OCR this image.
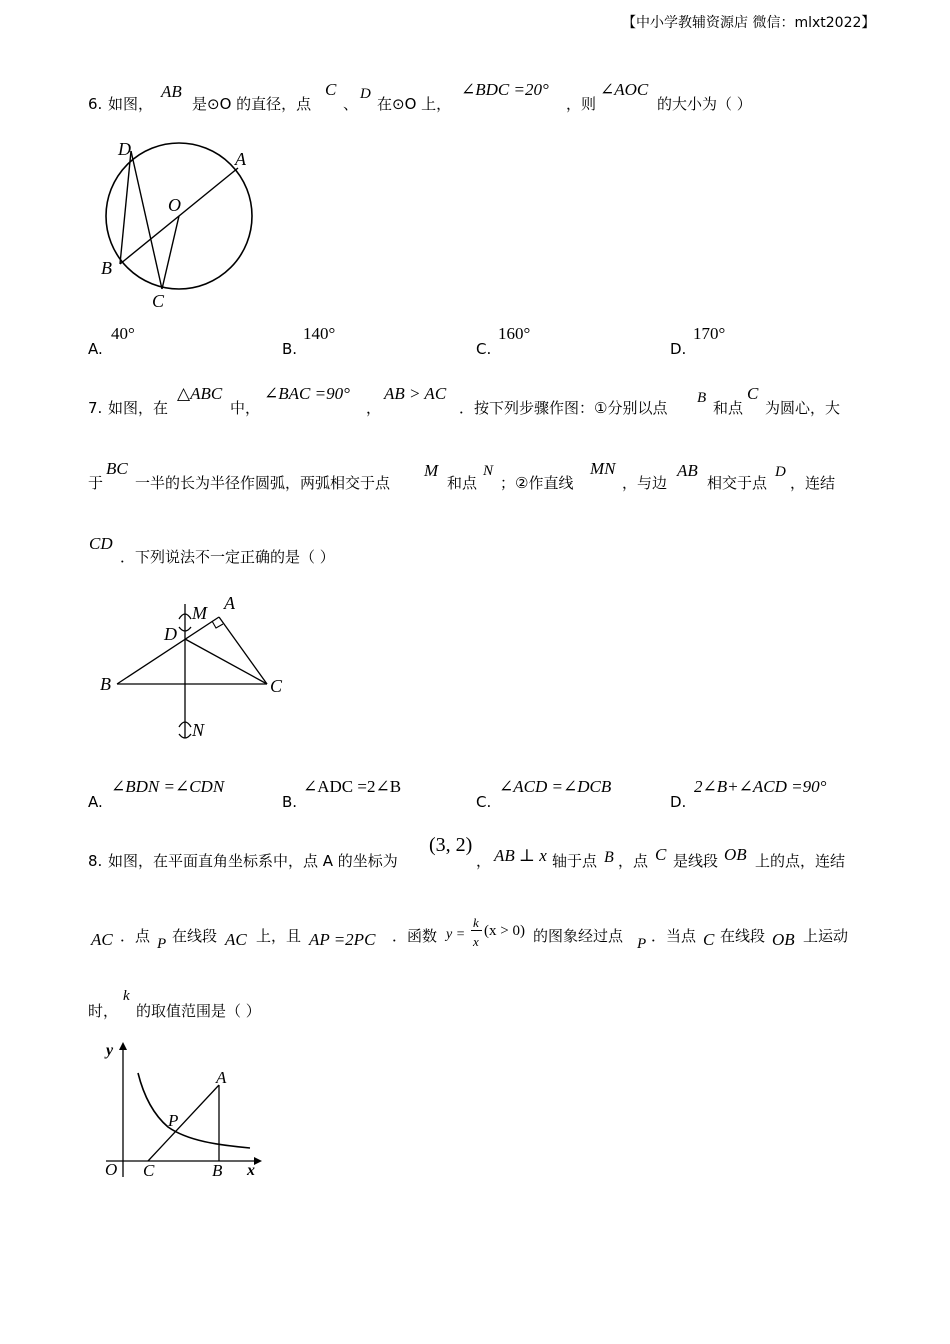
【中小学教辅资源店 微信：mlxt2022】
6. 如图，
AB
是⊙O 的直径，点
C
、
D
在⊙O 上，
∠BDC =20°
，则
∠AOC
的大小为（ ）
D	A
O
B
C
A.
40°
B.
140°
C.
160°
D.
170°
7. 如图，在
△ABC
中，
∠BAC =90°
，
AB > AC
．按下列步骤作图：①分别以点
B
和点
C
为圆心，大
于
BC
一半的长为半径作圆弧，两弧相交于点
M
和点
N
；②作直线
MN
，与边
AB
相交于点
D
，连结
CD
．下列说法不一定正确的是（ ）
M A
D
B	C
N
A.
∠BDN =∠CDN
B.
∠ADC =2∠B
C.
∠ACD =∠DCB
D.
2∠B+∠ACD =90°
8. 如图，在平面直角坐标系中，点 A 的坐标为
(3, 2)
， AB ⊥ x 轴于点 B ，点 C 是线段 OB 上的点，连结
AC ．点 P 在线段 AC 上，且 AP =2PC ．函数 y =
k
x
(x > 0) 的图象经过点 P ．当点 C 在线段 OB 上运动
时，
k
的取值范围是（ ）
y
A
P
O C	B x
